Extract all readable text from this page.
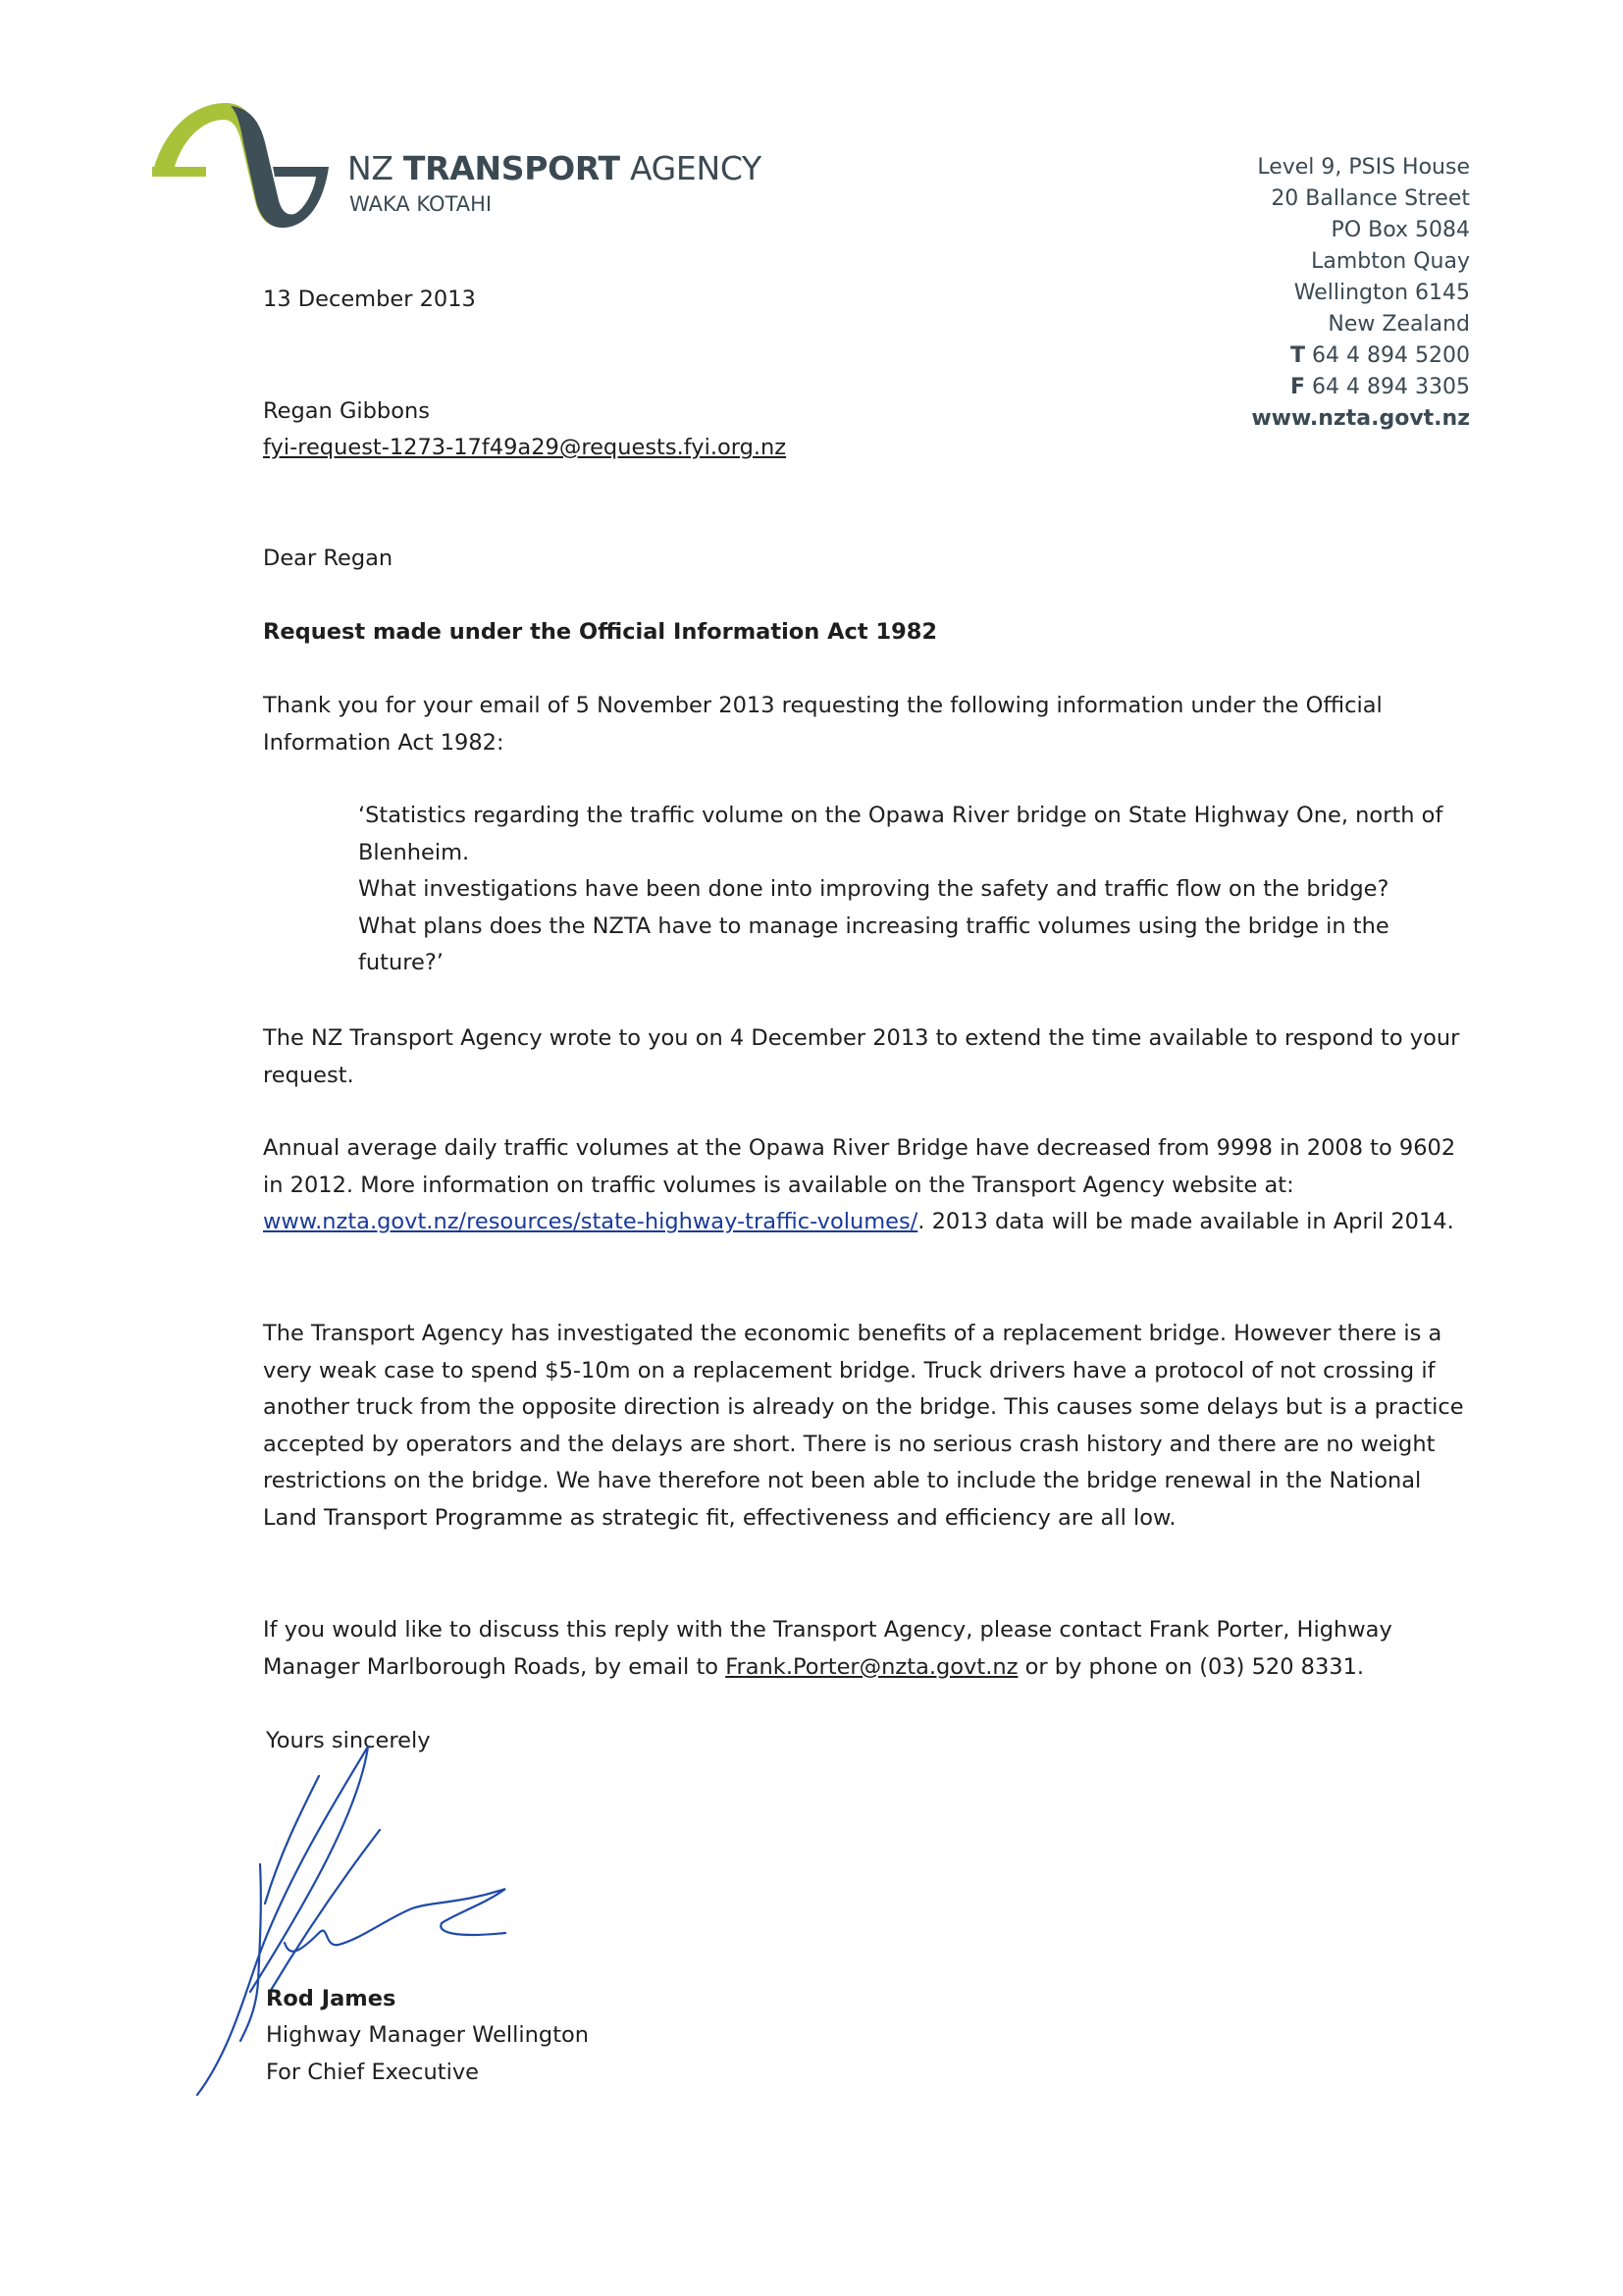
NZ TRANSPORT AGENCY
WAKA KOTAHI
Level 9, PSIS House
20 Ballance Street
PO Box 5084
Lambton Quay
Wellington 6145
New Zealand
T 64 4 894 5200
F 64 4 894 3305
www.nzta.govt.nz
13 December 2013
Regan Gibbons
fyi-request-1273-17f49a29@requests.fyi.org.nz
Dear Regan
Request made under the Official Information Act 1982
Thank you for your email of 5 November 2013 requesting the following information under the Official Information Act 1982:
‘Statistics regarding the traffic volume on the Opawa River bridge on State Highway One, north of Blenheim.
What investigations have been done into improving the safety and traffic flow on the bridge?
What plans does the NZTA have to manage increasing traffic volumes using the bridge in the future?’
The NZ Transport Agency wrote to you on 4 December 2013 to extend the time available to respond to your request.
Annual average daily traffic volumes at the Opawa River Bridge have decreased from 9998 in 2008 to 9602 in 2012. More information on traffic volumes is available on the Transport Agency website at: www.nzta.govt.nz/resources/state-highway-traffic-volumes/. 2013 data will be made available in April 2014.
The Transport Agency has investigated the economic benefits of a replacement bridge. However there is a very weak case to spend $5-10m on a replacement bridge. Truck drivers have a protocol of not crossing if another truck from the opposite direction is already on the bridge. This causes some delays but is a practice accepted by operators and the delays are short. There is no serious crash history and there are no weight restrictions on the bridge. We have therefore not been able to include the bridge renewal in the National Land Transport Programme as strategic fit, effectiveness and efficiency are all low.
If you would like to discuss this reply with the Transport Agency, please contact Frank Porter, Highway Manager Marlborough Roads, by email to Frank.Porter@nzta.govt.nz or by phone on (03) 520 8331.
Yours sincerely
Rod James
Highway Manager Wellington
For Chief Executive
